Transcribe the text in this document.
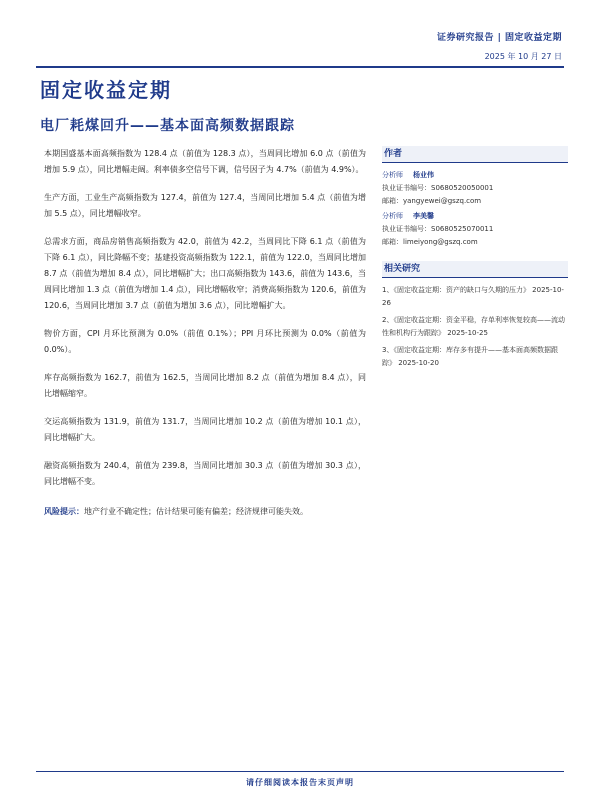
证券研究报告 | 固定收益定期
2025 年 10 月 27 日
固定收益定期
电厂耗煤回升——基本面高频数据跟踪

本期国盛基本面高频指数为 128.4 点（前值为 128.3 点），当周同比增加 6.0 点（前值为增加 5.9 点），同比增幅走阔。利率债多空信号下调，信号因子为 4.7%（前值为 4.9%）。

生产方面，工业生产高频指数为 127.4，前值为 127.4，当周同比增加 5.4 点（前值为增加 5.5 点），同比增幅收窄。

总需求方面，商品房销售高频指数为 42.0，前值为 42.2，当周同比下降 6.1 点（前值为下降 6.1 点），同比降幅不变；基建投资高频指数为 122.1，前值为 122.0，当周同比增加 8.7 点（前值为增加 8.4 点），同比增幅扩大；出口高频指数为 143.6，前值为 143.6，当周同比增加 1.3 点（前值为增加 1.4 点），同比增幅收窄；消费高频指数为 120.6，前值为 120.6，当周同比增加 3.7 点（前值为增加 3.6 点），同比增幅扩大。

物价方面，CPI 月环比预测为 0.0%（前值 0.1%）；PPI 月环比预测为 0.0%（前值为 0.0%）。

库存高频指数为 162.7，前值为 162.5，当周同比增加 8.2 点（前值为增加 8.4 点），同比增幅缩窄。

交运高频指数为 131.9，前值为 131.7，当周同比增加 10.2 点（前值为增加 10.1 点），同比增幅扩大。

融资高频指数为 240.4，前值为 239.8，当周同比增加 30.3 点（前值为增加 30.3 点），同比增幅不变。

风险提示：地产行业不确定性；估计结果可能有偏差；经济规律可能失效。
作者
分析师 杨业伟
执业证书编号：S0680520050001
邮箱：yangyewei@gszq.com
分析师 李美馨
执业证书编号：S0680525070011
邮箱：limeiyong@gszq.com
相关研究
1、《固定收益定期：资产的缺口与久期的压力》 2025-10-26
2、《固定收益定期：资金平稳，存单利率恢复较高——流动性和机构行为跟踪》 2025-10-25
3、《固定收益定期：库存多有提升——基本面高频数据跟踪》 2025-10-20
请仔细阅读本报告末页声明
